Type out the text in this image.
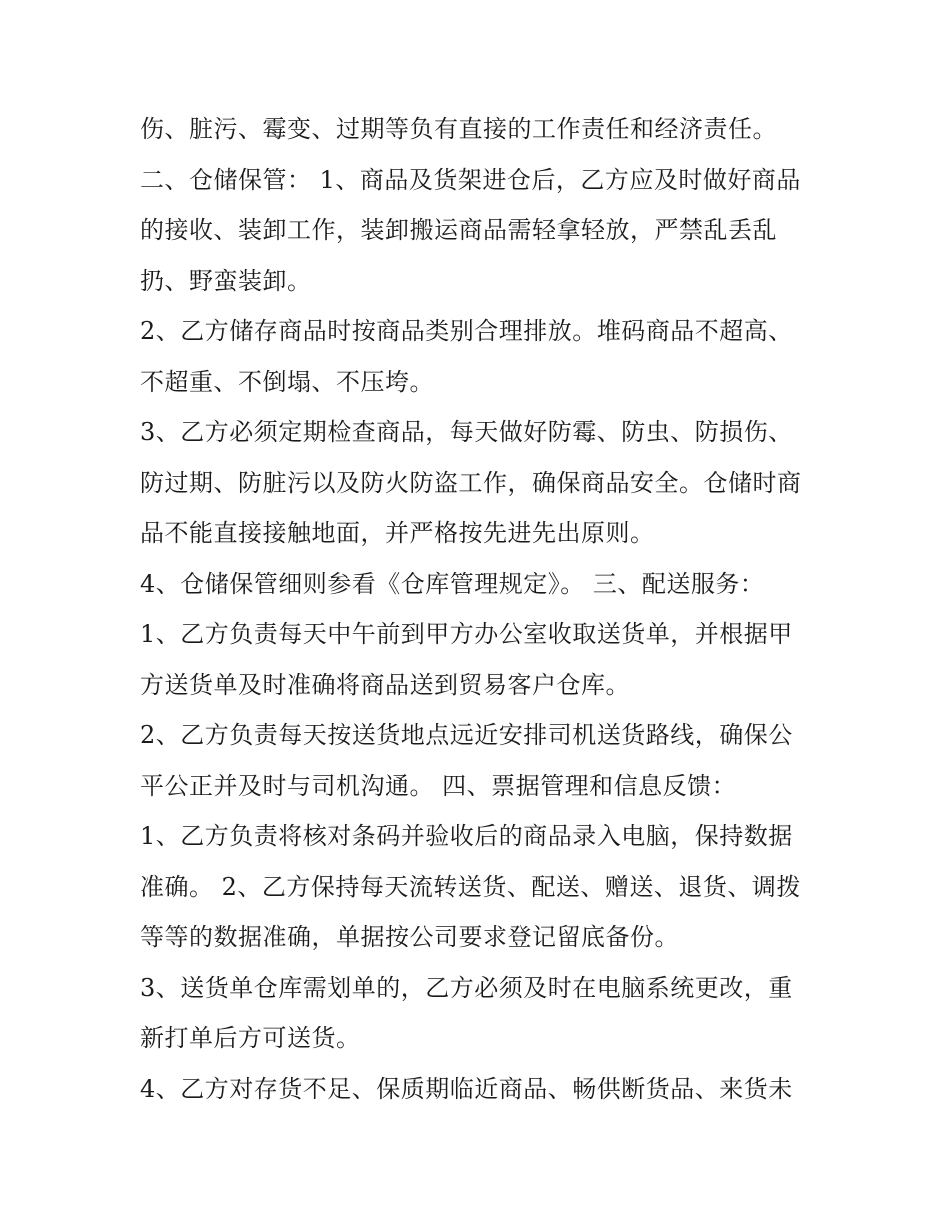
伤、脏污、霉变、过期等负有直接的工作责任和经济责任。
二、仓储保管： 1、商品及货架进仓后，乙方应及时做好商品
的接收、装卸工作，装卸搬运商品需轻拿轻放，严禁乱丢乱
扔、野蛮装卸。
2、乙方储存商品时按商品类别合理排放。堆码商品不超高、
不超重、不倒塌、不压垮。
3、乙方必须定期检查商品，每天做好防霉、防虫、防损伤、
防过期、防脏污以及防火防盗工作，确保商品安全。仓储时商
品不能直接接触地面，并严格按先进先出原则。
4、仓储保管细则参看《仓库管理规定》。 三、配送服务：
1、乙方负责每天中午前到甲方办公室收取送货单，并根据甲
方送货单及时准确将商品送到贸易客户仓库。
2、乙方负责每天按送货地点远近安排司机送货路线，确保公
平公正并及时与司机沟通。 四、票据管理和信息反馈：
1、乙方负责将核对条码并验收后的商品录入电脑，保持数据
准确。 2、乙方保持每天流转送货、配送、赠送、退货、调拨
等等的数据准确，单据按公司要求登记留底备份。
3、送货单仓库需划单的，乙方必须及时在电脑系统更改，重
新打单后方可送货。
4、乙方对存货不足、保质期临近商品、畅供断货品、来货未
